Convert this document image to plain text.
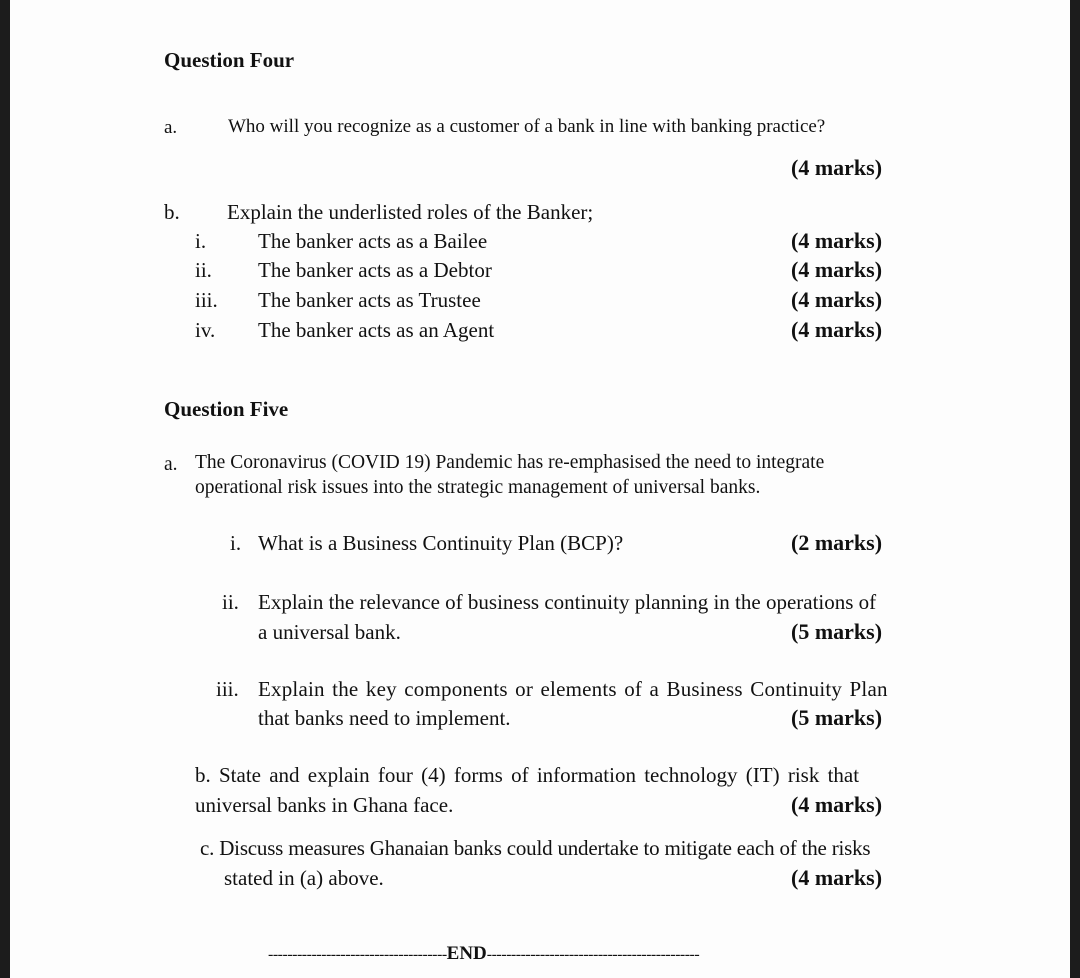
Question Four
a.	Who will you recognize as a customer of a bank in line with banking practice?
(4 marks)
b. Explain the underlisted roles of the Banker;
i. The banker acts as a Bailee	(4 marks)
ii. The banker acts as a Debtor	(4 marks)
iii. The banker acts as Trustee	(4 marks)
iv. The banker acts as an Agent	(4 marks)
Question Five
a. The Coronavirus (COVID 19) Pandemic has re-emphasised the need to integrate
operational risk issues into the strategic management of universal banks.
i. What is a Business Continuity Plan (BCP)?	(2 marks)
ii. Explain the relevance of business continuity planning in the operations of
a universal bank.	(5 marks)
iii. Explain the key components or elements of a Business Continuity Plan
that banks need to implement.	(5 marks)
b. State and explain four (4) forms of information technology (IT) risk that
universal banks in Ghana face.	(4 marks)
c. Discuss measures Ghanaian banks could undertake to mitigate each of the risks
stated in (a) above.	(4 marks)
-------------------------------------END--------------------------------------------
